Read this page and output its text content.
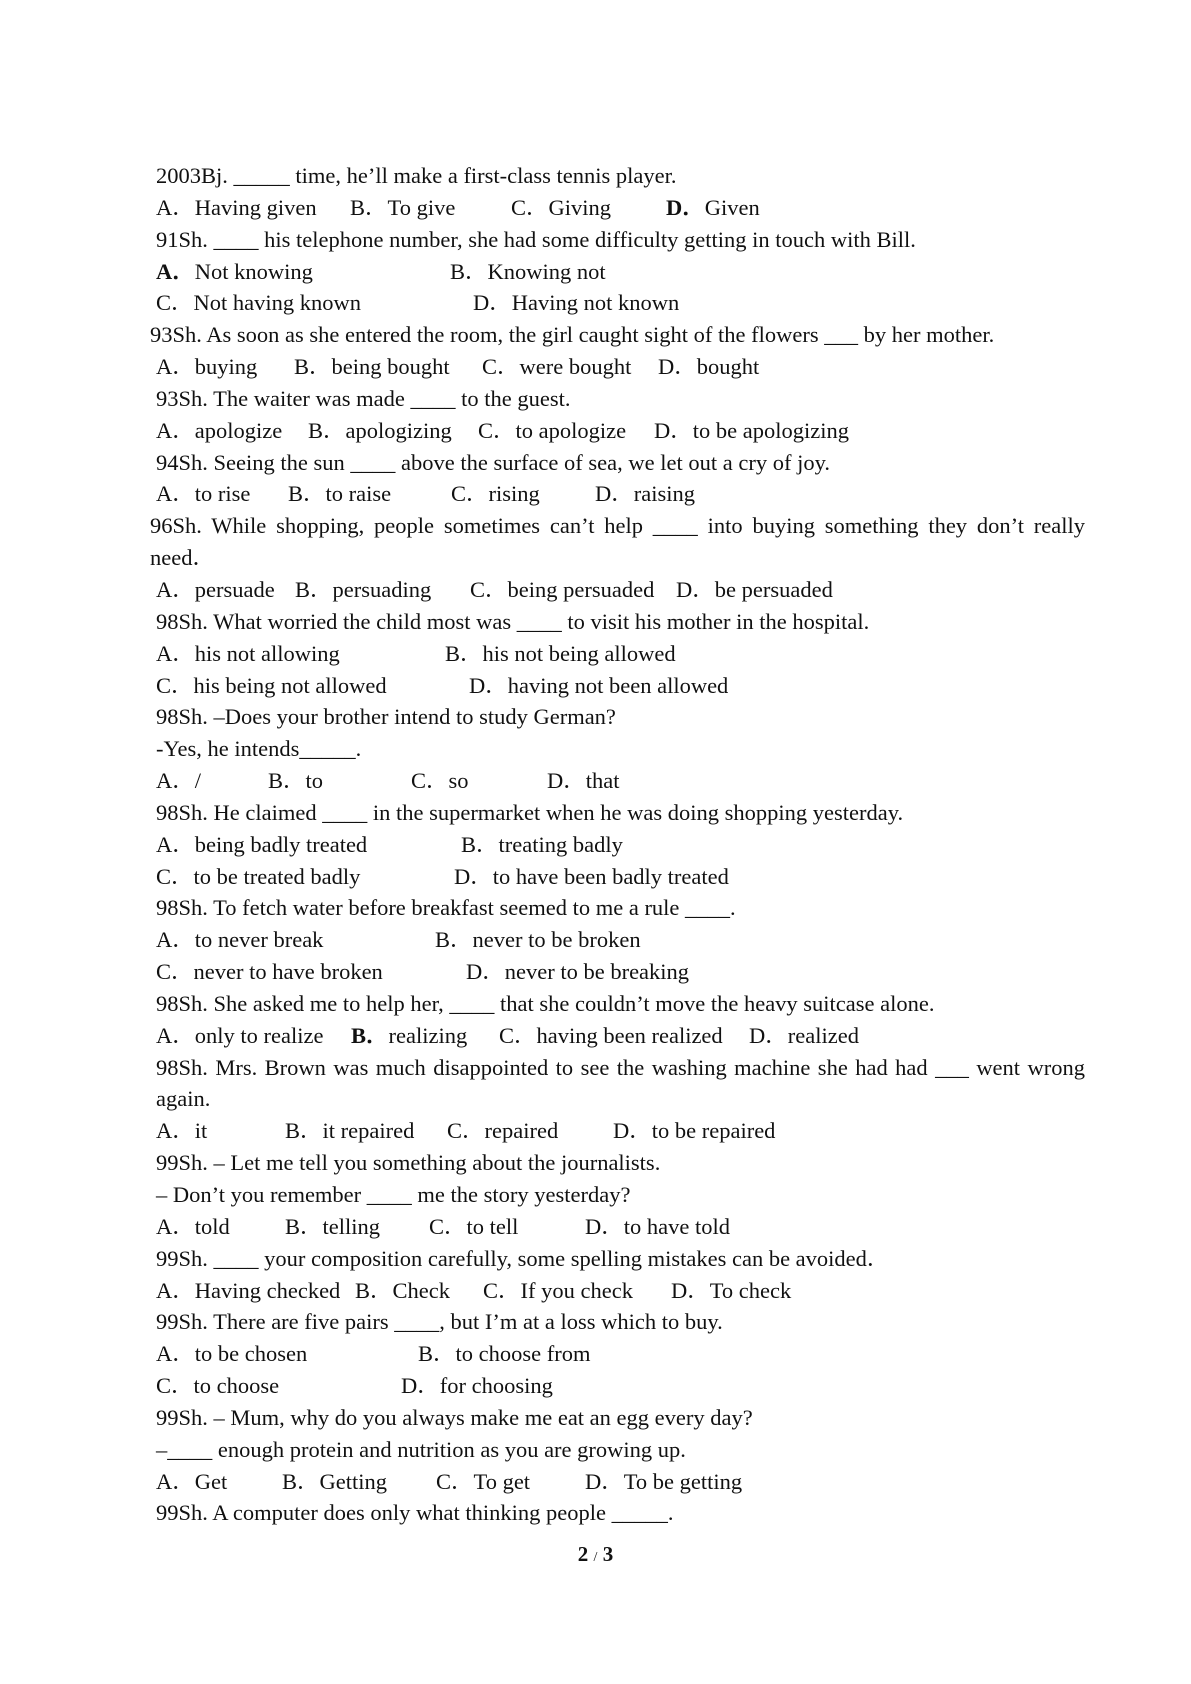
2003Bj. _____ time, he’ll make a first-class tennis player.
A．Having given	B．To give	C．Giving	D．Given
91Sh. ____ his telephone number, she had some difficulty getting in touch with Bill.
A．Not knowing	B．Knowing not
C．Not having known	D．Having not known
93Sh. As soon as she entered the room, the girl caught sight of the flowers ___ by her mother.
A．buying	B．being bought	C．were bought	D．bought
93Sh. The waiter was made ____ to the guest.
A．apologize	B．apologizing	C．to apologize	D．to be apologizing
94Sh. Seeing the sun ____ above the surface of sea, we let out a cry of joy.
A．to rise	B．to raise	C．rising	D．raising
96Sh. While shopping, people sometimes can’t help ____ into buying something they don’t really need．
A．persuade B．persuading	C．being persuaded D．be persuaded
98Sh. What worried the child most was ____ to visit his mother in the hospital.
A．his not allowing	B．his not being allowed
C．his being not allowed	D．having not been allowed
98Sh. –Does your brother intend to study German?
-Yes, he intends_____.
A．/	B．to	C．so	D．that
98Sh. He claimed ____ in the supermarket when he was doing shopping yesterday.
A．being badly treated	B．treating badly
C．to be treated badly	D．to have been badly treated
98Sh. To fetch water before breakfast seemed to me a rule ____.
A．to never break	B．never to be broken
C．never to have broken	D．never to be breaking
98Sh. She asked me to help her, ____ that she couldn’t move the heavy suitcase alone.
A．only to realize	B．realizing	C．having been realized	D．realized
98Sh. Mrs. Brown was much disappointed to see the washing machine she had had ___ went wrong again.
A．it	B．it repaired	C．repaired	D．to be repaired
99Sh. – Let me tell you something about the journalists.
– Don’t you remember ____ me the story yesterday?
A．told	B．telling	C．to tell	D．to have told
99Sh. ____ your composition carefully, some spelling mistakes can be avoided．
A．Having checked B．Check	C．If you check	D．To check
99Sh. There are five pairs ____, but I’m at a loss which to buy.
A．to be chosen	B．to choose from
C．to choose	D．for choosing
99Sh. – Mum, why do you always make me eat an egg every day?
–____ enough protein and nutrition as you are growing up.
A．Get	B．Getting	C．To get	D．To be getting
99Sh. A computer does only what thinking people _____.
2 / 3
